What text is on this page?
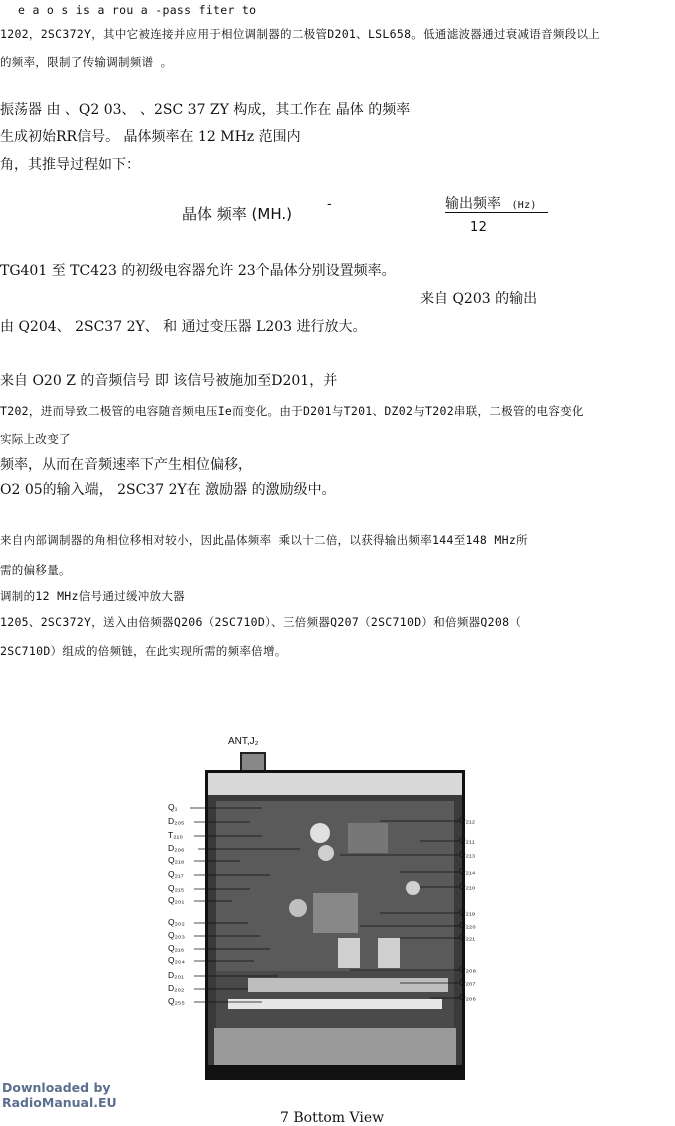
e a o s is a rou a -pass fiter to
1202，2SC372Y，其中它被连接并应用于相位调制器的二极管D201、LSL658。低通滤波器通过衰减语音频段以上
的频率，限制了传输调制频谱 。
振荡器 由 、Q2 03、 、2SC 37 ZY 构成，其工作在 晶体 的频率
生成初始RR信号。 晶体频率在 12 MHz 范围内
角，其推导过程如下：
晶体 频率 (MH.)
-	输出频率 (Hz)
12
TG401 至 TC423 的初级电容器允许 23个晶体分别设置频率。
来自 Q203 的输出
由 Q204、 2SC37 2Y、 和 通过变压器 L203 进行放大。
来自 O20 Z 的音频信号 即 该信号被施加至D201，并
T202，进而导致二极管的电容随音频电压Ie而变化。由于D201与T201、DZ02与T202串联，二极管的电容变化
实际上改变了
频率，从而在音频速率下产生相位偏移，
O2 05的输入端， 2SC37 2Y在 激励器 的激励级中。
来自内部调制器的角相位移相对较小，因此晶体频率 乘以十二倍，以获得输出频率144至148 MHz所
需的偏移量。
调制的12 MHz信号通过缓冲放大器
1205、2SC372Y，送入由倍频器Q206（2SC710D）、三倍频器Q207（2SC710D）和倍频器Q208（
2SC710D）组成的倍频链，在此实现所需的频率倍增。
ANT,J₂
Q₁
D₂₀₅
T₂₁₀
D₂₀₆
Q₂₁₈
Q₂₁₇
Q₂₁₅
Q₂₀₁
Q₂₀₂
Q₂₀₃
Q₂₁₆
Q₂₀₄
D₂₀₁
D₂₀₂
Q₂₅₅
Q₂₁₂
Q₂₁₁
Q₂₁₃
Q₂₁₄
Q₂₁₀
Q₂₁₉
Q₂₂₀
Q₂₂₁
Q₂₀₈
Q₂₀₇
Q₂₀₆
Downloaded by
RadioManual.EU
7 Bottom View
